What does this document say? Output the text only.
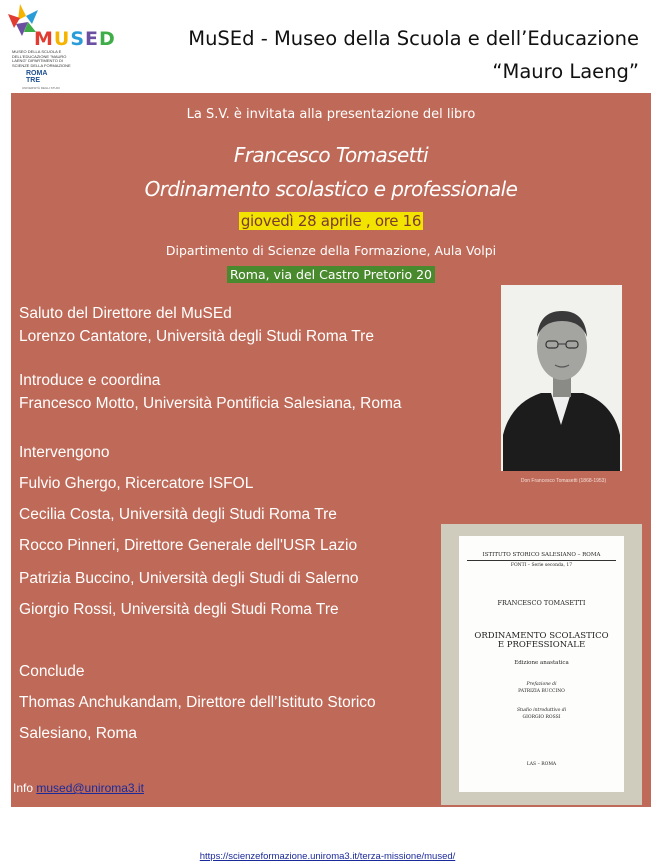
MUSED
MUSEO DELLA SCUOLA E DELL'EDUCAZIONE "MAURO LAENG" DIPARTIMENTO DI SCIENZE DELLA FORMAZIONE
ROMA TRE
UNIVERSITÀ DEGLI STUDI
MuSEd - Museo della Scuola e dell’Educazione
“Mauro Laeng”
La S.V. è invitata alla presentazione del libro
Francesco Tomasetti
Ordinamento scolastico e professionale
giovedì 28 aprile , ore 16
Dipartimento di Scienze della Formazione, Aula Volpi
Roma, via del Castro Pretorio 20
Saluto del Direttore del MuSEd
Lorenzo Cantatore, Università degli Studi Roma Tre
Introduce e coordina
Francesco Motto, Università Pontificia Salesiana, Roma
Intervengono
Fulvio Ghergo, Ricercatore ISFOL
Cecilia Costa, Università degli Studi Roma Tre
Rocco Pinneri, Direttore Generale dell'USR Lazio
Patrizia Buccino, Università degli Studi di Salerno
Giorgio Rossi, Università degli Studi Roma Tre
Conclude
Thomas Anchukandam, Direttore dell’Istituto Storico
Salesiano, Roma
Info mused@uniroma3.it
Don Francesco Tomasetti (1868-1953)
ISTITUTO STORICO SALESIANO – ROMA
FONTI – Serie seconda, 17
FRANCESCO TOMASETTI
ORDINAMENTO SCOLASTICO
E PROFESSIONALE
Edizione anastatica
Prefazione di
PATRIZIA BUCCINO
Studio introduttivo di
GIORGIO ROSSI
LAS – ROMA
https://scienzeformazione.uniroma3.it/terza-missione/mused/
